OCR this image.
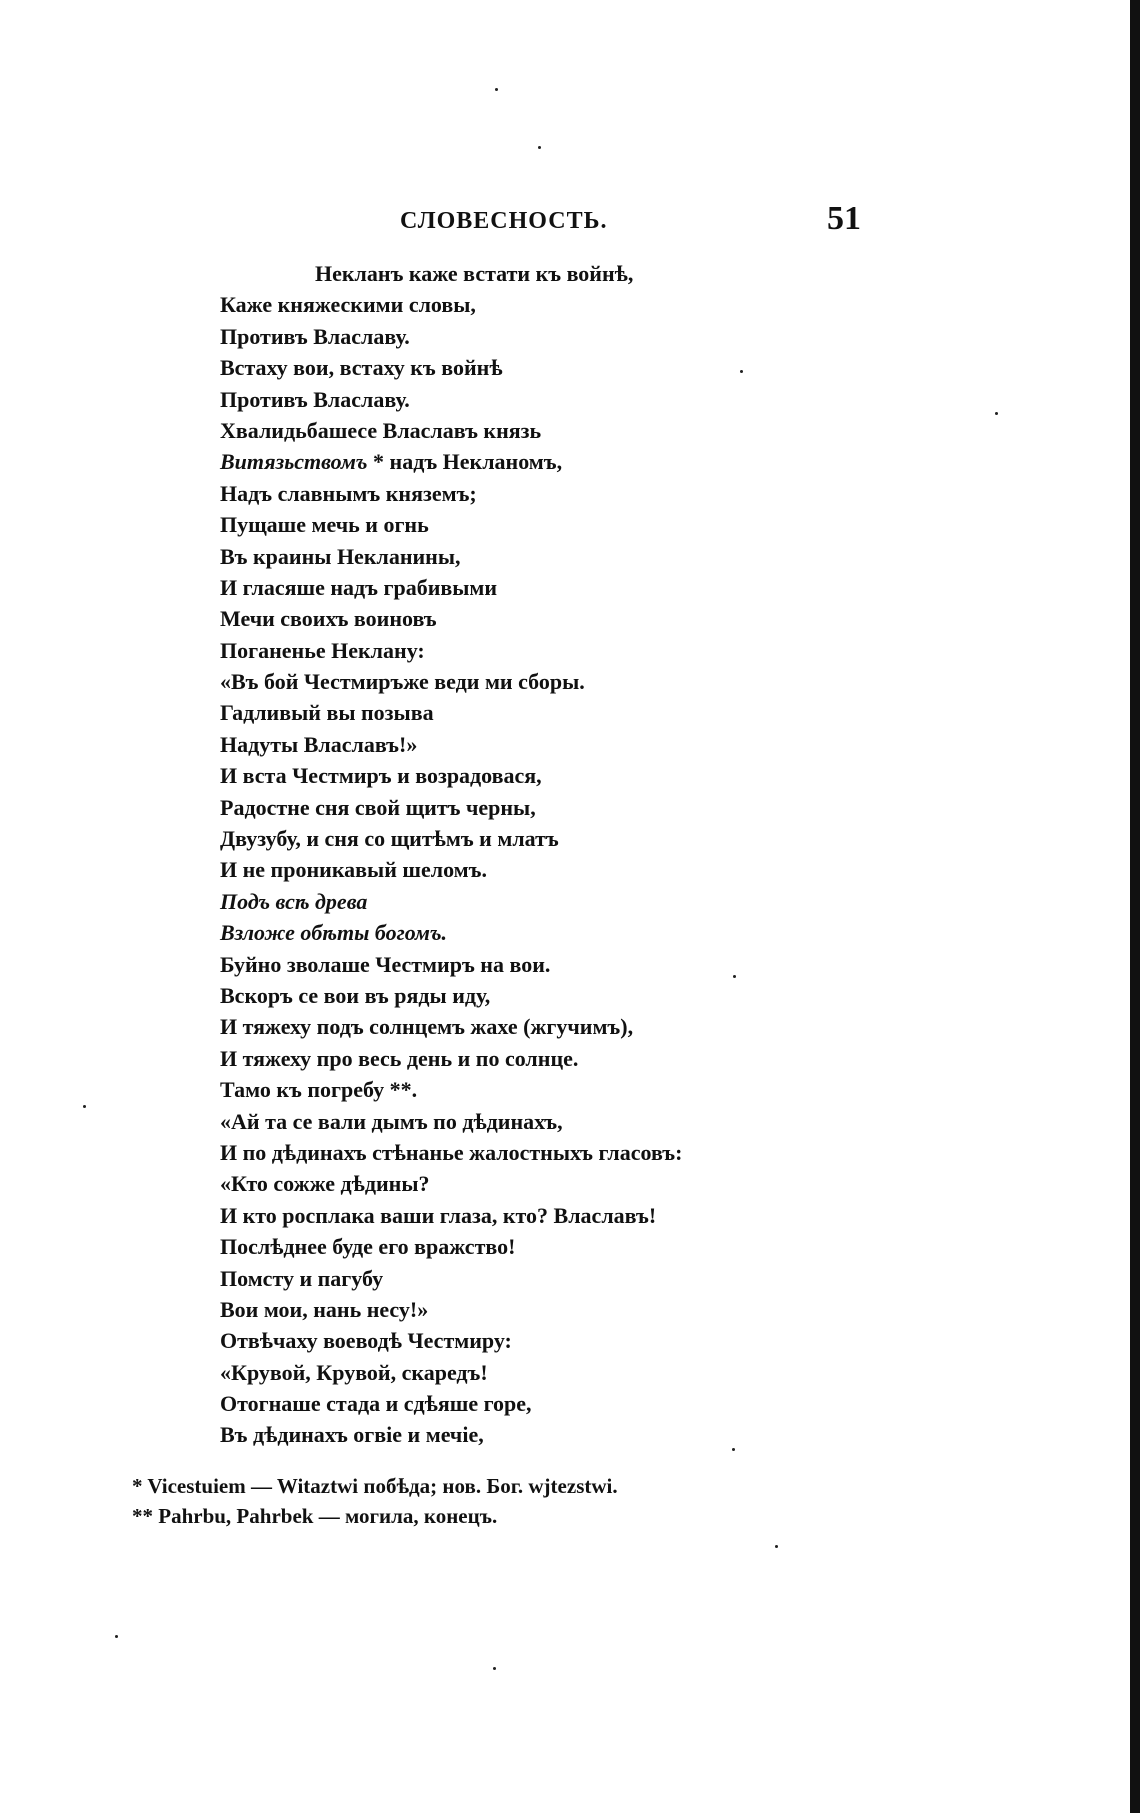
СЛОВЕСНОСТЬ.	51
Некланъ каже встати къ войнѣ,
Каже княжескими словы,
Противъ Влаславу.
Встаху вои, встаху къ войнѣ
Противъ Влаславу.
Хвалидьбашесе Влаславъ князь
Витязьствомъ * надъ Некланомъ,
Надъ славнымъ княземъ;
Пущаше мечь и огнь
Въ краины Некланины,
И гласяше надъ грабивыми
Мечи своихъ воиновъ
Поганенье Неклану:
«Въ бой Честмиръже веди ми сборы.
Гадливый вы позыва
Надуты Влаславъ!»
И вста Честмиръ и возрадовася,
Радостне сня свой щитъ черны,
Двузубу, и сня со щитѣмъ и млатъ
И не проникавый шеломъ.
Подъ всѣ древа
Взложе обѣты богомъ.
Буйно зволаше Честмиръ на вои.
Вскоръ се вои въ ряды иду,
И тяжеху подъ солнцемъ жахе (жгучимъ),
И тяжеху про весь день и по солнце.
Тамо къ погребу **.
«Ай та се вали дымъ по дѣдинахъ,
И по дѣдинахъ стѣнанье жалостныхъ гласовъ:
«Кто сожже дѣдины?
И кто росплака ваши глаза, кто? Влаславъ!
Послѣднее буде его вражство!
Помсту и пагубу
Вои мои, нань несу!»
Отвѣчаху воеводѣ Честмиру:
«Крувой, Крувой, скаредъ!
Отогнаше стада и сдѣяше горе,
Въ дѣдинахъ огвіе и мечіе,
* Vicestuiem — Witaztwi побѣда; нов. Бог. wjtezstwi.
** Pahrbu, Pahrbek — могила, конецъ.
